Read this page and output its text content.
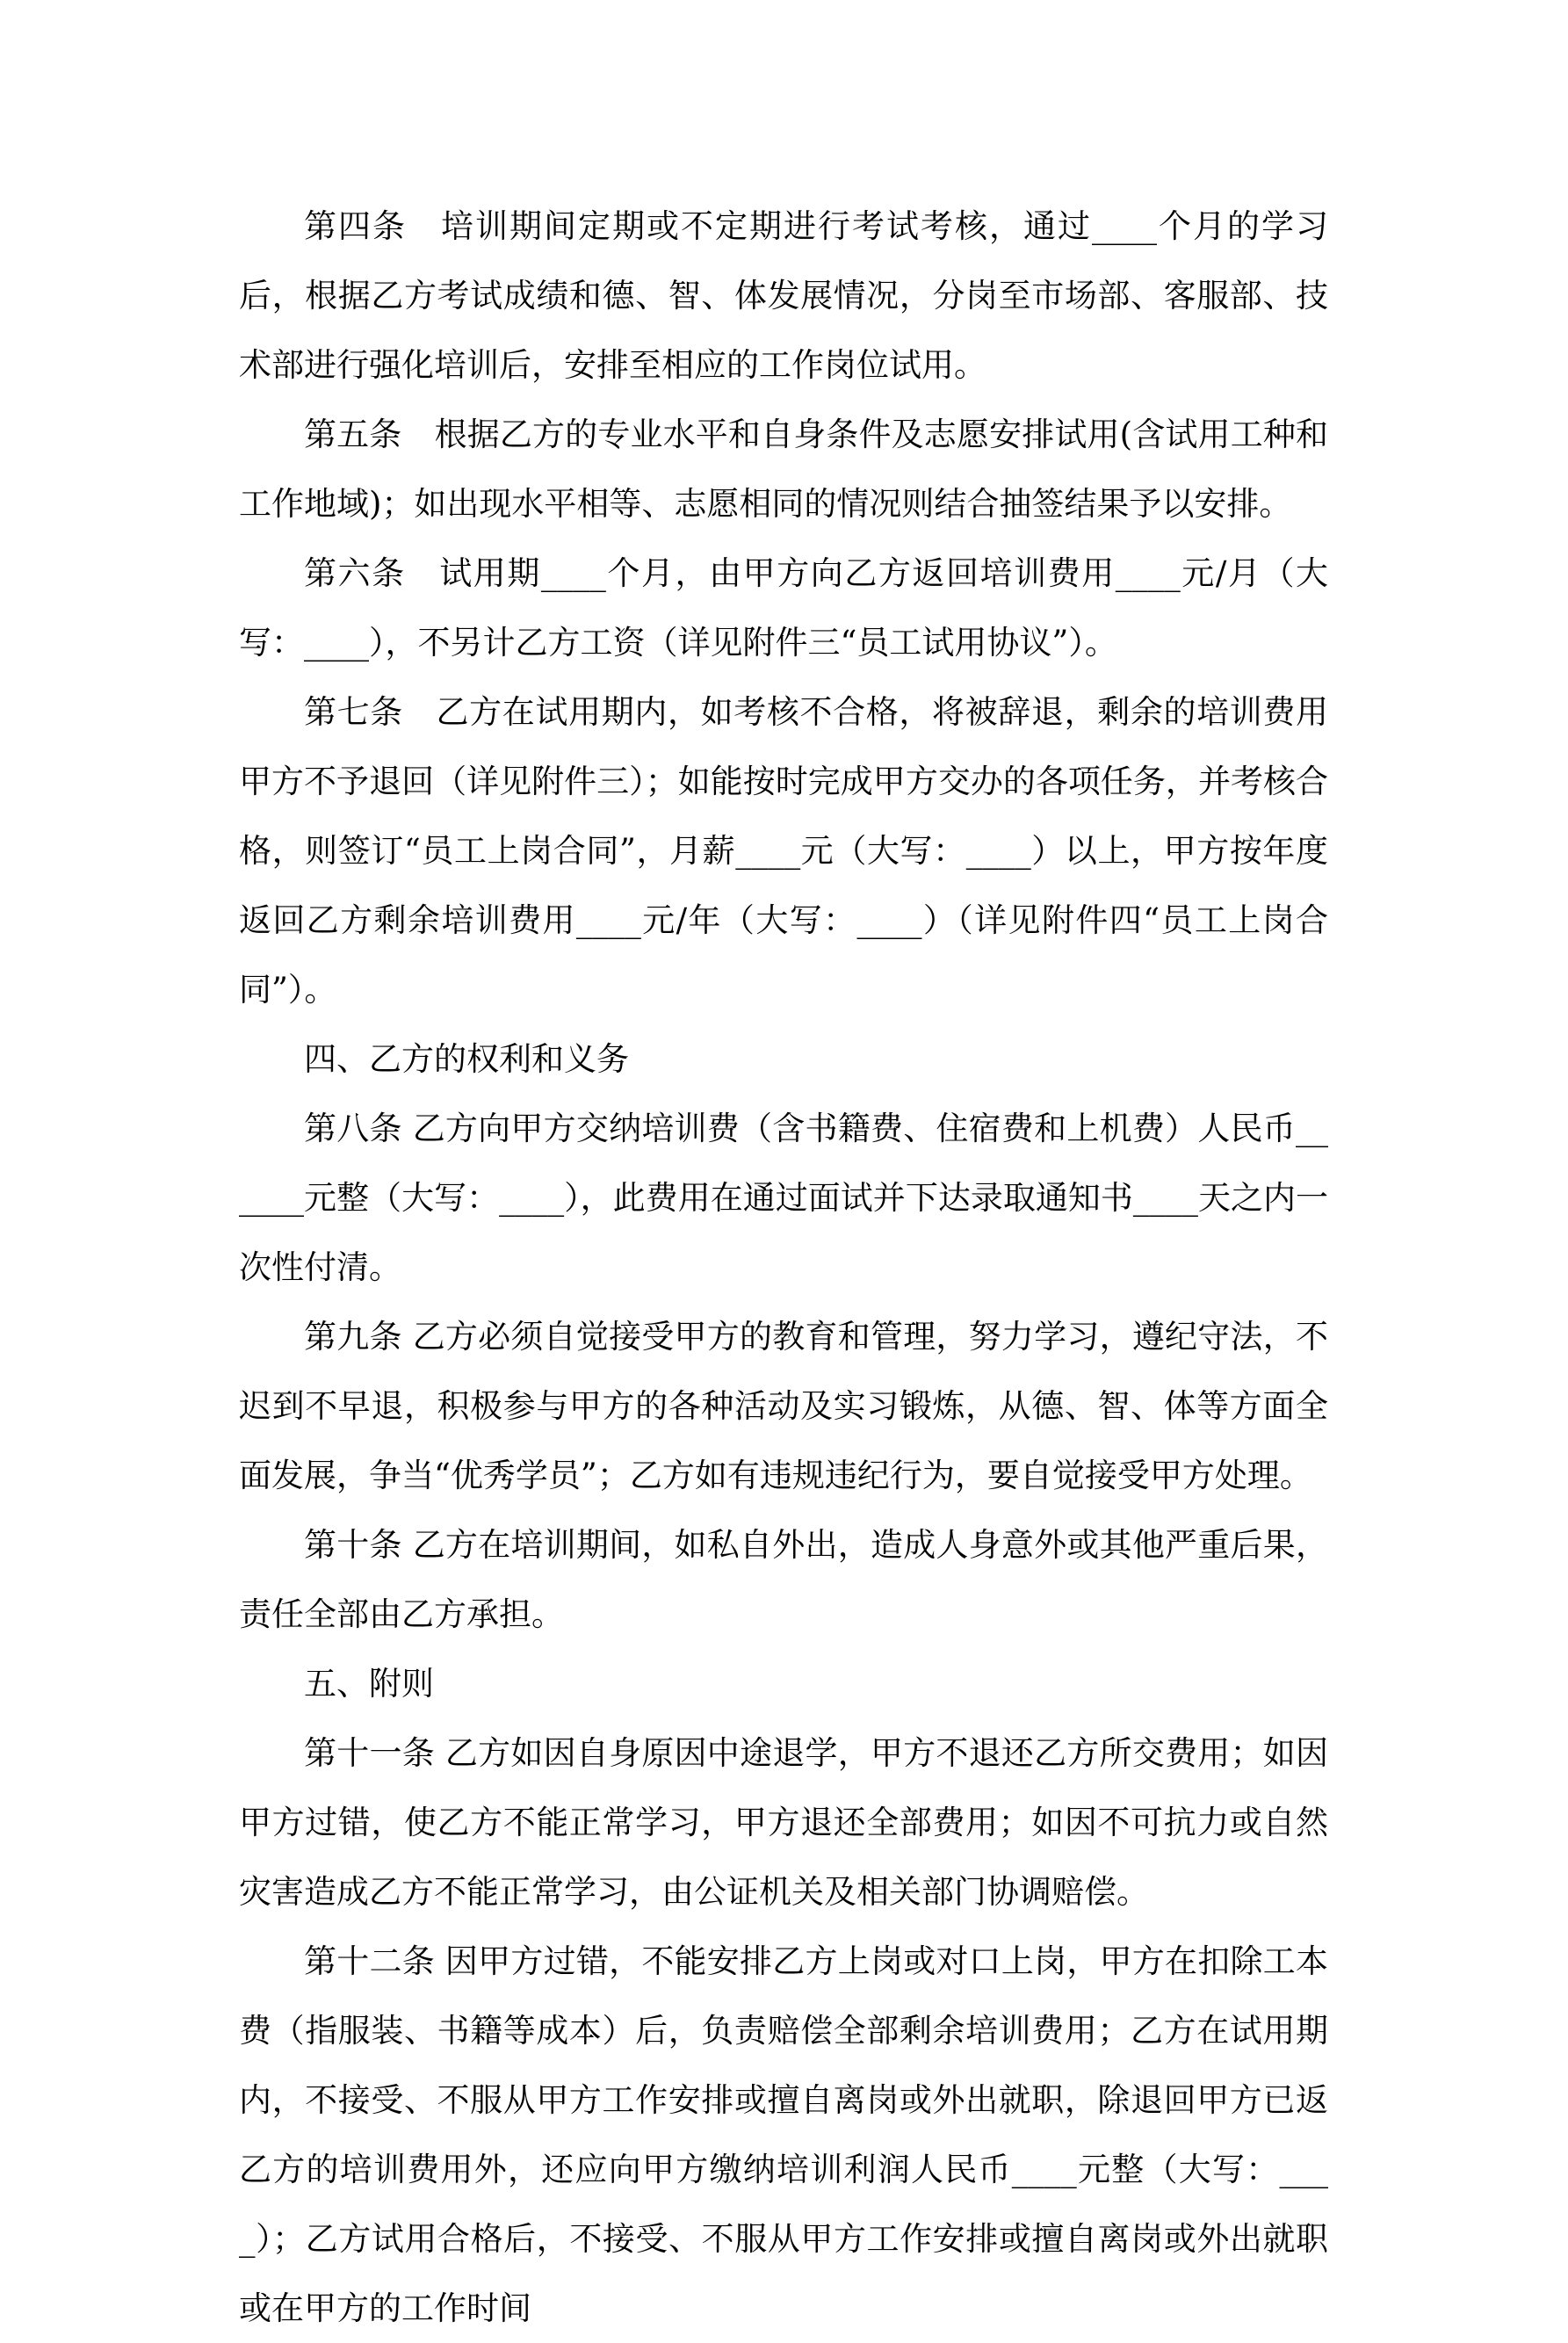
第四条　培训期间定期或不定期进行考试考核，通过____个月的学习后，根据乙方考试成绩和德、智、体发展情况，分岗至市场部、客服部、技术部进行强化培训后，安排至相应的工作岗位试用。

第五条　根据乙方的专业水平和自身条件及志愿安排试用(含试用工种和工作地域)；如出现水平相等、志愿相同的情况则结合抽签结果予以安排。

第六条　试用期____个月，由甲方向乙方返回培训费用____元/月（大写：____），不另计乙方工资（详见附件三“员工试用协议”）。

第七条　乙方在试用期内，如考核不合格，将被辞退，剩余的培训费用甲方不予退回（详见附件三）；如能按时完成甲方交办的各项任务，并考核合格，则签订“员工上岗合同”，月薪____元（大写：____）以上，甲方按年度返回乙方剩余培训费用____元/年（大写：____）（详见附件四“员工上岗合同”）。

四、乙方的权利和义务

第八条 乙方向甲方交纳培训费（含书籍费、住宿费和上机费）人民币______元整（大写：____），此费用在通过面试并下达录取通知书____天之内一次性付清。

第九条 乙方必须自觉接受甲方的教育和管理，努力学习，遵纪守法，不迟到不早退，积极参与甲方的各种活动及实习锻炼，从德、智、体等方面全面发展，争当“优秀学员”；乙方如有违规违纪行为，要自觉接受甲方处理。

第十条 乙方在培训期间，如私自外出，造成人身意外或其他严重后果，责任全部由乙方承担。

五、附则

第十一条 乙方如因自身原因中途退学，甲方不退还乙方所交费用；如因甲方过错，使乙方不能正常学习，甲方退还全部费用；如因不可抗力或自然灾害造成乙方不能正常学习，由公证机关及相关部门协调赔偿。

第十二条 因甲方过错，不能安排乙方上岗或对口上岗，甲方在扣除工本费（指服装、书籍等成本）后，负责赔偿全部剩余培训费用；乙方在试用期内，不接受、不服从甲方工作安排或擅自离岗或外出就职，除退回甲方已返乙方的培训费用外，还应向甲方缴纳培训利润人民币____元整（大写：____）；乙方试用合格后，不接受、不服从甲方工作安排或擅自离岗或外出就职或在甲方的工作时间
